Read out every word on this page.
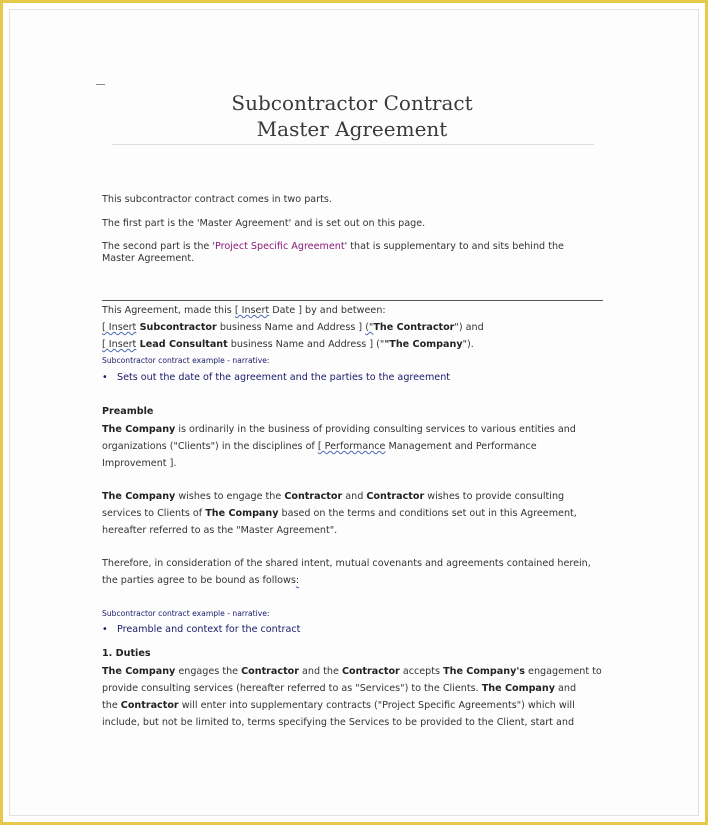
Subcontractor Contract
Master Agreement
This subcontractor contract comes in two parts.
The first part is the 'Master Agreement' and is set out on this page.
The second part is the 'Project Specific Agreement' that is supplementary to and sits behind the
Master Agreement.
This Agreement, made this [ Insert Date ] by and between:
[ Insert Subcontractor business Name and Address ] ("The Contractor") and
[ Insert Lead Consultant business Name and Address ] (""The Company").
Subcontractor contract example - narrative:
• Sets out the date of the agreement and the parties to the agreement
Preamble
The Company is ordinarily in the business of providing consulting services to various entities and
organizations ("Clients") in the disciplines of [ Performance Management and Performance
Improvement ].
The Company wishes to engage the Contractor and Contractor wishes to provide consulting
services to Clients of The Company based on the terms and conditions set out in this Agreement,
hereafter referred to as the "Master Agreement".
Therefore, in consideration of the shared intent, mutual covenants and agreements contained herein,
the parties agree to be bound as follows:
Subcontractor contract example - narrative:
• Preamble and context for the contract
1. Duties
The Company engages the Contractor and the Contractor accepts The Company's engagement to
provide consulting services (hereafter referred to as "Services") to the Clients. The Company and
the Contractor will enter into supplementary contracts ("Project Specific Agreements") which will
include, but not be limited to, terms specifying the Services to be provided to the Client, start and
